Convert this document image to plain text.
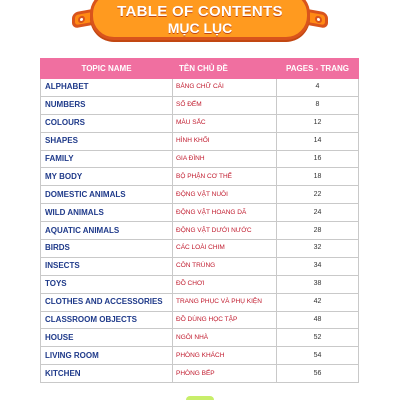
TABLE OF CONTENTS
MỤC LỤC
TOPIC NAME	TÊN CHỦ ĐỀ	PAGES - TRANG
ALPHABET	BẢNG CHỮ CÁI	4
NUMBERS	SỐ ĐẾM	8
COLOURS	MÀU SẮC	12
SHAPES	HÌNH KHỐI	14
FAMILY	GIA ĐÌNH	16
MY BODY	BỘ PHẬN CƠ THỂ	18
DOMESTIC ANIMALS	ĐỘNG VẬT NUÔI	22
WILD ANIMALS	ĐỘNG VẬT HOANG DÃ	24
AQUATIC ANIMALS	ĐỘNG VẬT DƯỚI NƯỚC	28
BIRDS	CÁC LOÀI CHIM	32
INSECTS	CÔN TRÙNG	34
TOYS	ĐỒ CHƠI	38
CLOTHES AND ACCESSORIES	TRANG PHỤC VÀ PHỤ KIỆN	42
CLASSROOM OBJECTS	ĐỒ DÙNG HỌC TẬP	48
HOUSE	NGÔI NHÀ	52
LIVING ROOM	PHÒNG KHÁCH	54
KITCHEN	PHÒNG BẾP	56
